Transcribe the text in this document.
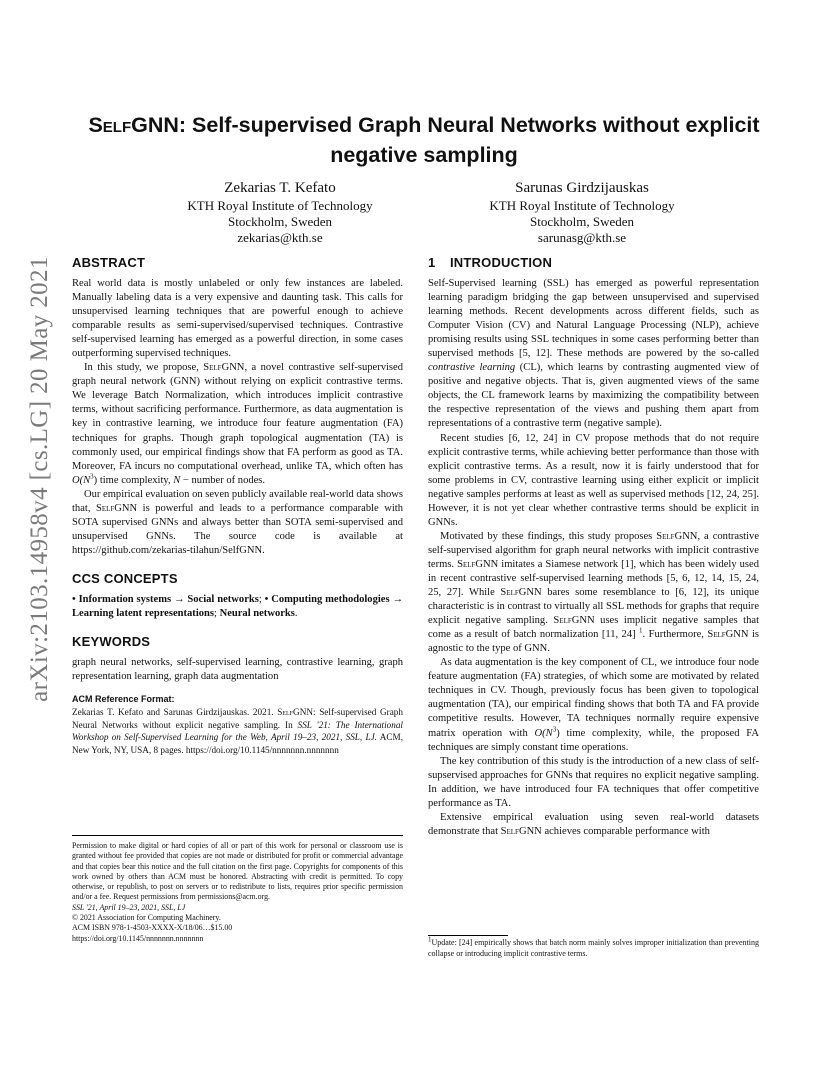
arXiv:2103.14958v4 [cs.LG] 20 May 2021
SelfGNN: Self-supervised Graph Neural Networks without explicit negative sampling
Zekarias T. Kefato
KTH Royal Institute of Technology
Stockholm, Sweden
zekarias@kth.se
Sarunas Girdzijauskas
KTH Royal Institute of Technology
Stockholm, Sweden
sarunasg@kth.se
ABSTRACT

Real world data is mostly unlabeled or only few instances are labeled. Manually labeling data is a very expensive and daunting task. This calls for unsupervised learning techniques that are powerful enough to achieve comparable results as semi-supervised/supervised techniques. Contrastive self-supervised learning has emerged as a powerful direction, in some cases outperforming supervised techniques.

In this study, we propose, SelfGNN, a novel contrastive self-supervised graph neural network (GNN) without relying on explicit contrastive terms. We leverage Batch Normalization, which introduces implicit contrastive terms, without sacrificing performance. Furthermore, as data augmentation is key in contrastive learning, we introduce four feature augmentation (FA) techniques for graphs. Though graph topological augmentation (TA) is commonly used, our empirical findings show that FA perform as good as TA. Moreover, FA incurs no computational overhead, unlike TA, which often has $O(N^3)$ time complexity, N − number of nodes.

Our empirical evaluation on seven publicly available real-world data shows that, SelfGNN is powerful and leads to a performance comparable with SOTA supervised GNNs and always better than SOTA semi-supervised and unsupervised GNNs. The source code is available at https://github.com/zekarias-tilahun/SelfGNN.

CCS CONCEPTS

• Information systems → Social networks; • Computing methodologies → Learning latent representations; Neural networks.

KEYWORDS

graph neural networks, self-supervised learning, contrastive learning, graph representation learning, graph data augmentation

ACM Reference Format:

Zekarias T. Kefato and Sarunas Girdzijauskas. 2021. SelfGNN: Self-supervised Graph Neural Networks without explicit negative sampling. In SSL '21: The International Workshop on Self-Supervised Learning for the Web, April 19–23, 2021, SSL, LJ. ACM, New York, NY, USA, 8 pages. https://doi.org/10.1145/nnnnnnn.nnnnnnn

Permission to make digital or hard copies of all or part of this work for personal or classroom use is granted without fee provided that copies are not made or distributed for profit or commercial advantage and that copies bear this notice and the full citation on the first page. Copyrights for components of this work owned by others than ACM must be honored. Abstracting with credit is permitted. To copy otherwise, or republish, to post on servers or to redistribute to lists, requires prior specific permission and/or a fee. Request permissions from permissions@acm.org.

SSL '21, April 19–23, 2021, SSL, LJ
© 2021 Association for Computing Machinery.
ACM ISBN 978-1-4503-XXXX-X/18/06…$15.00
https://doi.org/10.1145/nnnnnnn.nnnnnnn
1 INTRODUCTION

Self-Supervised learning (SSL) has emerged as powerful representation learning paradigm bridging the gap between unsupervised and supervised learning methods. Recent developments across different fields, such as Computer Vision (CV) and Natural Language Processing (NLP), achieve promising results using SSL techniques in some cases performing better than supervised methods [5, 12]. These methods are powered by the so-called contrastive learning (CL), which learns by contrasting augmented view of positive and negative objects. That is, given augmented views of the same objects, the CL framework learns by maximizing the compatibility between the respective representation of the views and pushing them apart from representations of a contrastive term (negative sample).

Recent studies [6, 12, 24] in CV propose methods that do not require explicit contrastive terms, while achieving better performance than those with explicit contrastive terms. As a result, now it is fairly understood that for some problems in CV, contrastive learning using either explicit or implicit negative samples performs at least as well as supervised methods [12, 24, 25]. However, it is not yet clear whether contrastive terms should be explicit in GNNs.

Motivated by these findings, this study proposes SelfGNN, a contrastive self-supervised algorithm for graph neural networks with implicit contrastive terms. SelfGNN imitates a Siamese network [1], which has been widely used in recent contrastive self-supervised learning methods [5, 6, 12, 14, 15, 24, 25, 27]. While SelfGNN bares some resemblance to [6, 12], its unique characteristic is in contrast to virtually all SSL methods for graphs that require explicit negative sampling. SelfGNN uses implicit negative samples that come as a result of batch normalization [11, 24] $^1$. Furthermore, SelfGNN is agnostic to the type of GNN.

As data augmentation is the key component of CL, we introduce four node feature augmentation (FA) strategies, of which some are motivated by related techniques in CV. Though, previously focus has been given to topological augmentation (TA), our empirical finding shows that both TA and FA provide competitive results. However, TA techniques normally require expensive matrix operation with $O(N^3)$ time complexity, while, the proposed FA techniques are simply constant time operations.

The key contribution of this study is the introduction of a new class of self-supservised approaches for GNNs that requires no explicit negative sampling. In addition, we have introduced four FA techniques that offer competitive performance as TA.

Extensive empirical evaluation using seven real-world datasets demonstrate that SelfGNN achieves comparable performance with

$^1$Update: [24] empirically shows that batch norm mainly solves improper initialization than preventing collapse or introducing implicit contrastive terms.
